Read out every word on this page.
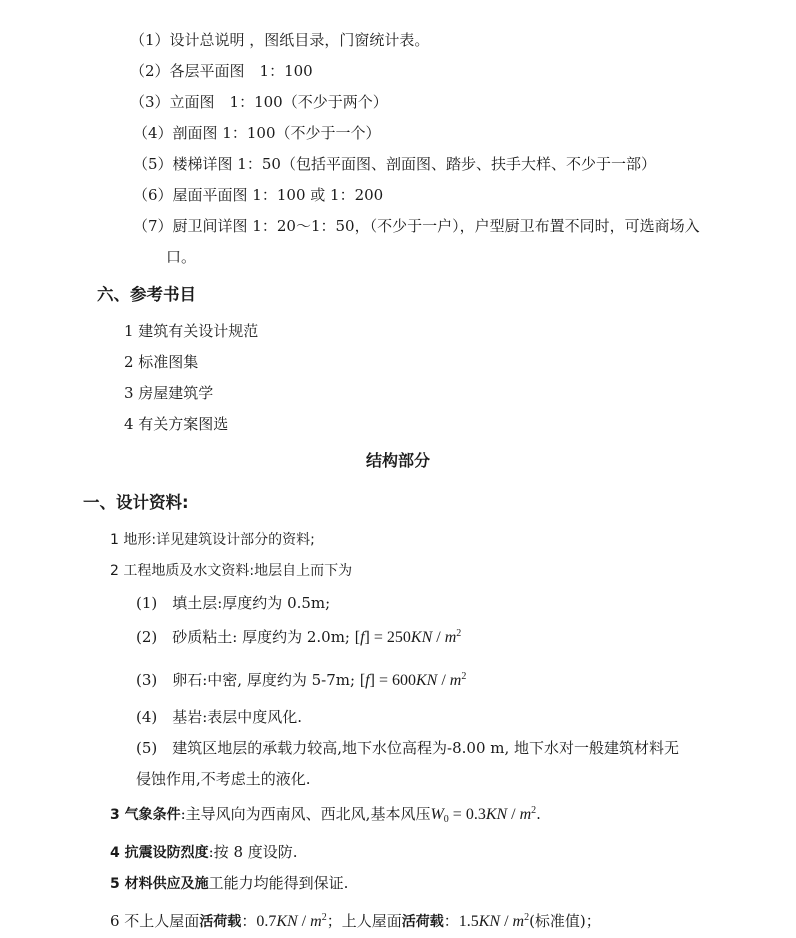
（1）设计总说明 ，图纸目录，门窗统计表。
（2）各层平面图　1：100
（3）立面图　1：100（不少于两个）
（4）剖面图 1：100（不少于一个）
（5）楼梯详图 1：50（包括平面图、剖面图、踏步、扶手大样、不少于一部）
（6）屋面平面图 1：100 或 1：200
（7）厨卫间详图 1：20～1：50，（不少于一户），户型厨卫布置不同时，可选商场入
口。
六、参考书目
1 建筑有关设计规范
2 标准图集
3 房屋建筑学
4 有关方案图选
结构部分
一、设计资料:
1 地形:详见建筑设计部分的资料;
2 工程地质及水文资料:地层自上而下为
(1)　填土层:厚度约为 0.5m;
(2)　砂质粘土: 厚度约为 2.0m; $[f] = 250KN / m^2$
(3)　卵石:中密, 厚度约为 5-7m; $[f] = 600KN / m^2$
(4)　基岩:表层中度风化.
(5)　建筑区地层的承载力较高,地下水位高程为-8.00 m, 地下水对一般建筑材料无
侵蚀作用,不考虑土的液化.
3 气象条件:主导风向为西南风、西北风,基本风压$W_0 = 0.3KN / m^2$.
4 抗震设防烈度:按 8 度设防.
5 材料供应及施工能力均能得到保证.
6 不上人屋面活荷载：$0.7KN / m^2$；上人屋面活荷载：$1.5KN / m^2$(标准值)；
